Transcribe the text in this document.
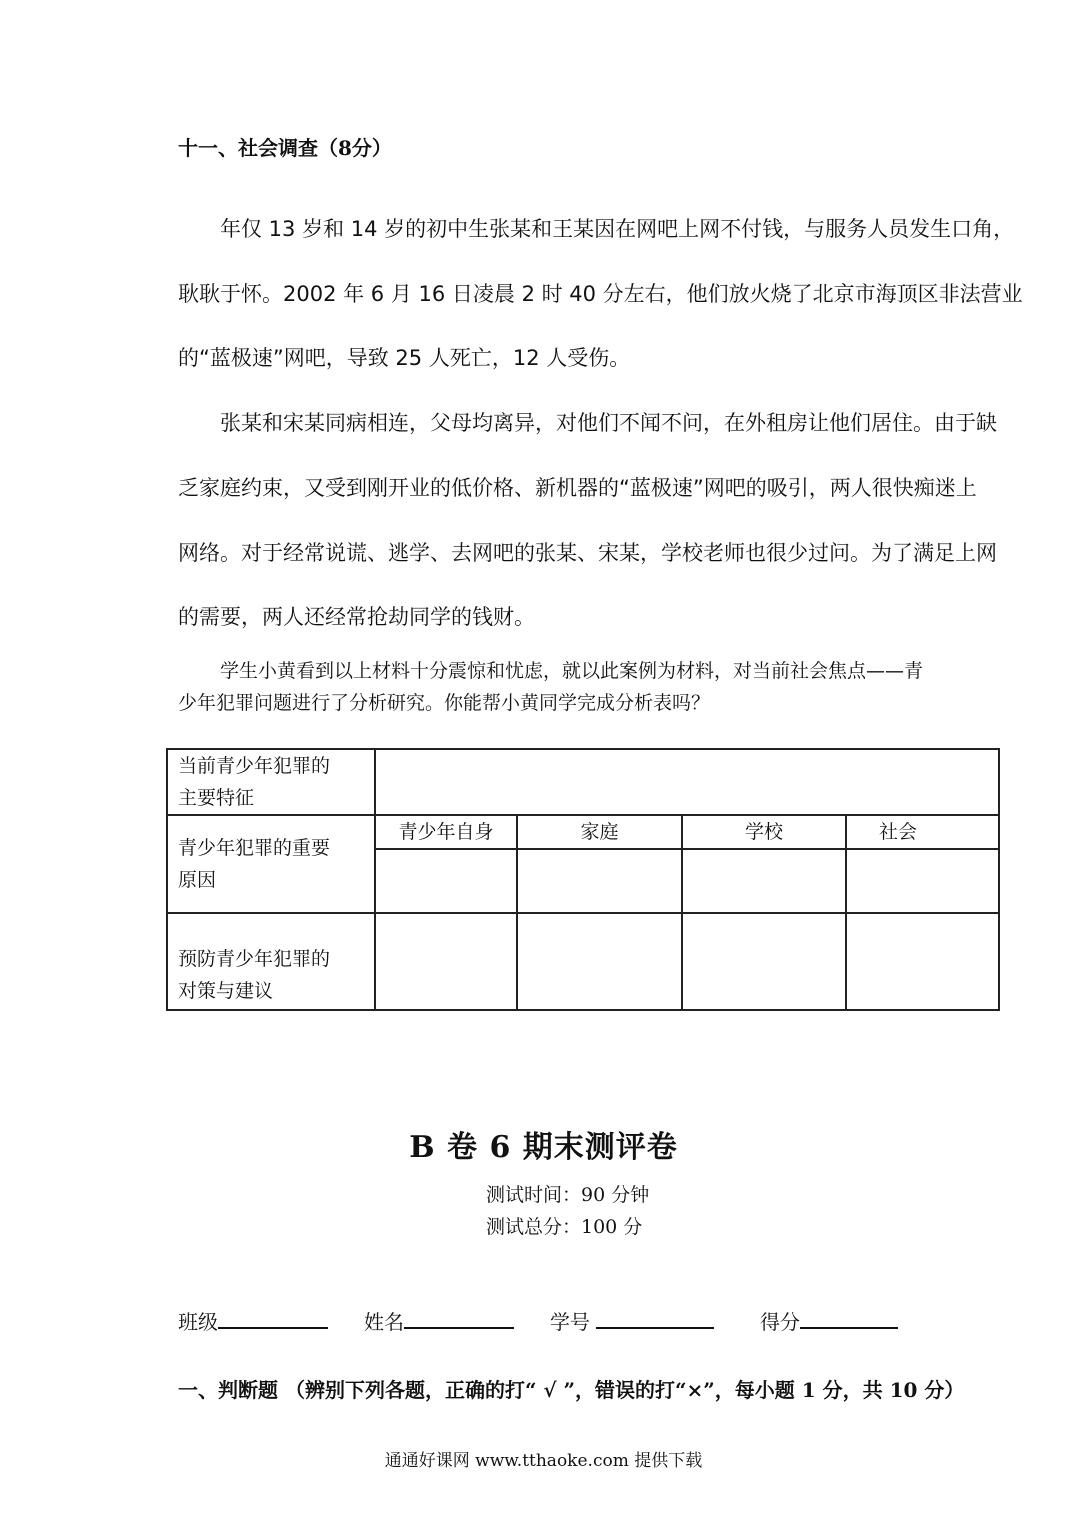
十一、社会调查（8分）
年仅 13 岁和 14 岁的初中生张某和王某因在网吧上网不付钱，与服务人员发生口角，
耿耿于怀。2002 年 6 月 16 日凌晨 2 时 40 分左右，他们放火烧了北京市海顶区非法营业
的“蓝极速”网吧，导致 25 人死亡，12 人受伤。
张某和宋某同病相连，父母均离异，对他们不闻不问，在外租房让他们居住。由于缺
乏家庭约束，又受到刚开业的低价格、新机器的“蓝极速”网吧的吸引，两人很快痴迷上
网络。对于经常说谎、逃学、去网吧的张某、宋某，学校老师也很少过问。为了满足上网
的需要，两人还经常抢劫同学的钱财。
学生小黄看到以上材料十分震惊和忧虑，就以此案例为材料，对当前社会焦点——青
少年犯罪问题进行了分析研究。你能帮小黄同学完成分析表吗？
当前青少年犯罪的
主要特征				

青少年犯罪的重要
原因	青少年自身	家庭	学校	社会

预防青少年犯罪的
对策与建议				

B 卷 6 期末测评卷
测试时间：90 分钟
测试总分：100 分
班级	姓名	学号	得分
一、判断题 （辨别下列各题，正确的打“ √ ”，错误的打“×”，每小题 1 分，共 10 分）
通通好课网 www.tthaoke.com 提供下载
